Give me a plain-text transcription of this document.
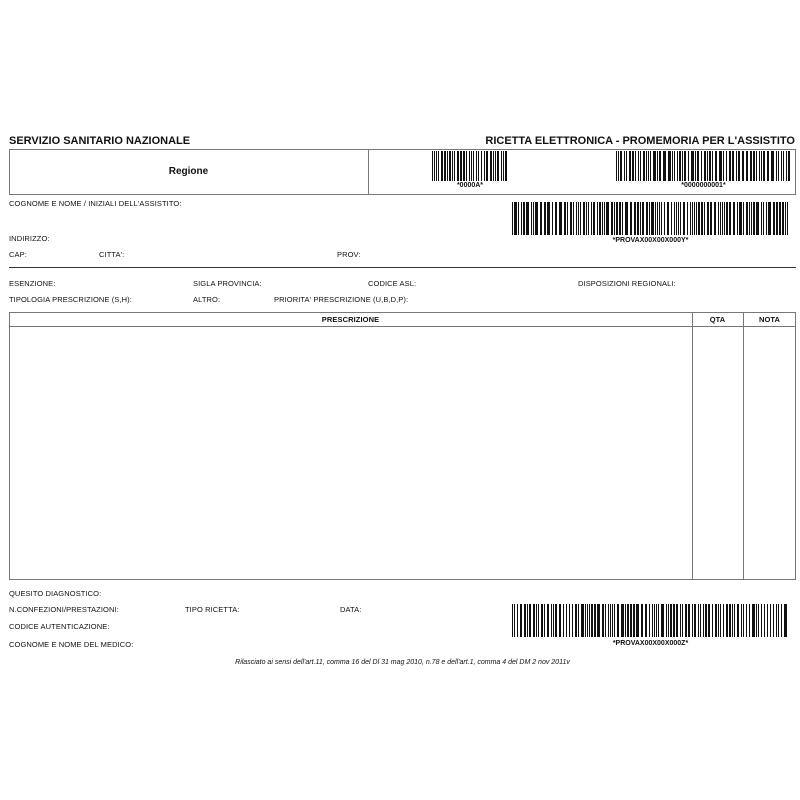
SERVIZIO SANITARIO NAZIONALE	RICETTA ELETTRONICA - PROMEMORIA PER L'ASSISTITO
Regione
*0000A*	*0000000001*
COGNOME E NOME / INIZIALI DELL'ASSISTITO:
*PROVAX00X00X000Y*
INDIRIZZO:
CAP:	CITTA':	PROV:
ESENZIONE:	SIGLA PROVINCIA:	CODICE ASL:	DISPOSIZIONI REGIONALI:
TIPOLOGIA PRESCRIZIONE (S,H):	ALTRO:	PRIORITA' PRESCRIZIONE (U,B,D,P):
PRESCRIZIONE	QTA	NOTA
QUESITO DIAGNOSTICO:
N.CONFEZIONI/PRESTAZIONI:	TIPO RICETTA:	DATA:
CODICE AUTENTICAZIONE:
COGNOME E NOME DEL MEDICO:	*PROVAX00X00X000Z*
Rilasciato ai sensi dell'art.11, comma 16 del Dl 31 mag 2010, n.78 e dell'art.1, comma 4 del DM 2 nov 2011v
